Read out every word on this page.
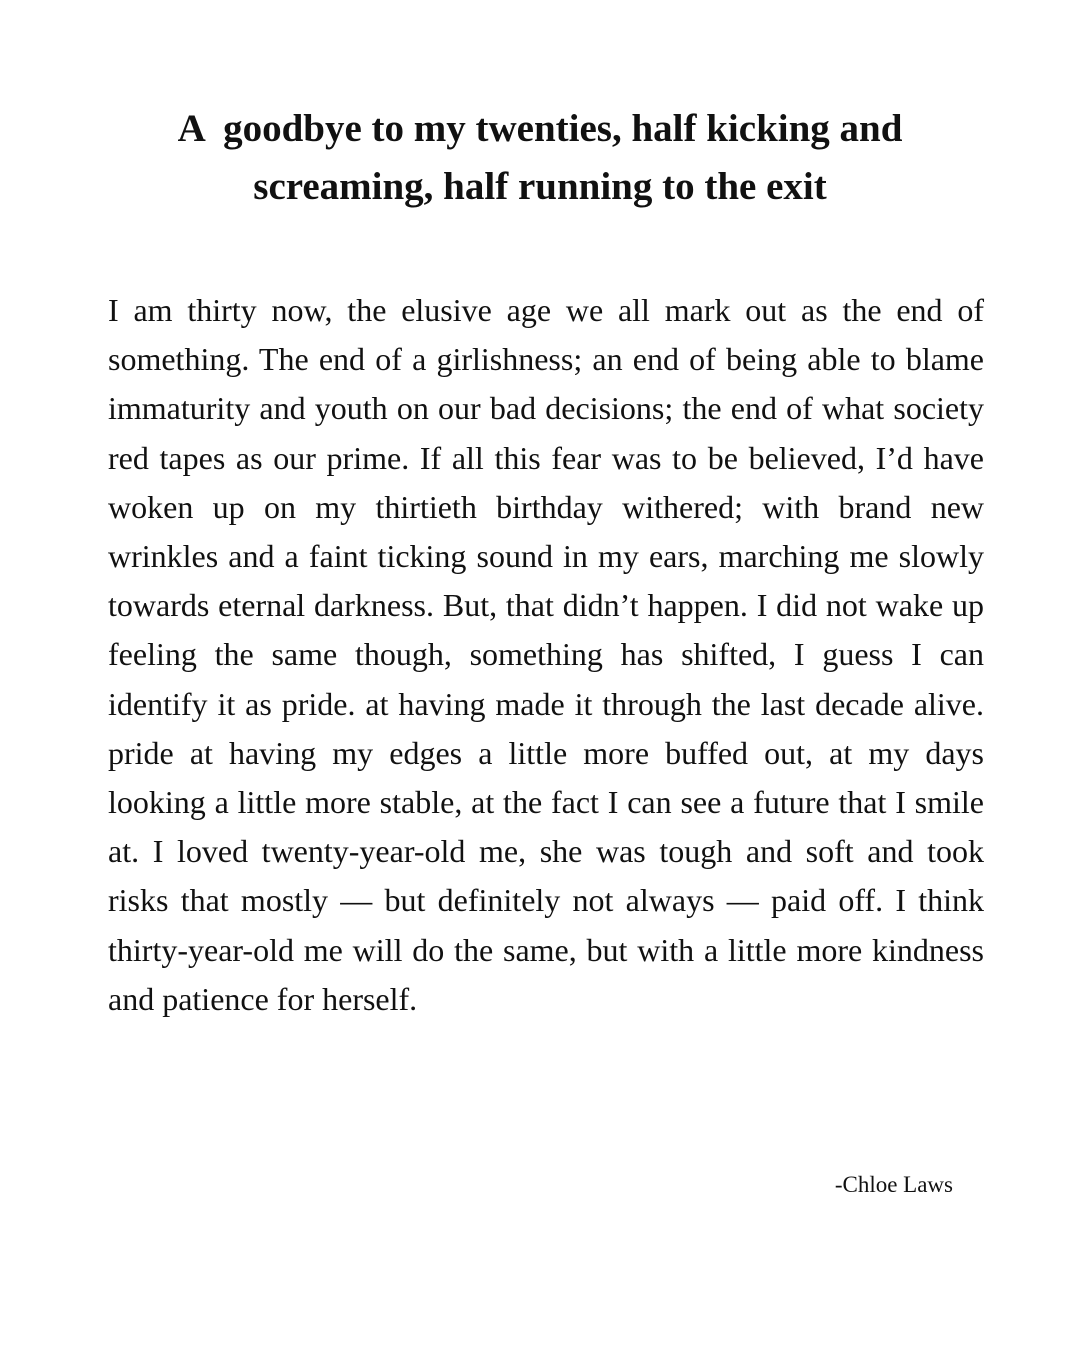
A  goodbye to my twenties, half kicking and screaming, half running to the exit

I am thirty now, the elusive age we all mark out as the end of something. The end of a girlishness; an end of being able to blame immaturity and youth on our bad decisions; the end of what society red tapes as our prime. If all this fear was to be believed, I’d have woken up on my thirtieth birthday withered; with brand new wrinkles and a faint ticking sound in my ears, marching me slowly towards eternal darkness. But, that didn’t happen. I did not wake up feeling the same though, something has shifted, I guess I can identify it as pride. at having made it through the last decade alive. pride at having my edges a little more buffed out, at my days looking a little more stable, at the fact I can see a future that I smile at. I loved twenty-year-old me, she was tough and soft and took risks that mostly — but definitely not always — paid off. I think thirty-year-old me will do the same, but with a little more kindness and patience for herself.

-Chloe Laws
